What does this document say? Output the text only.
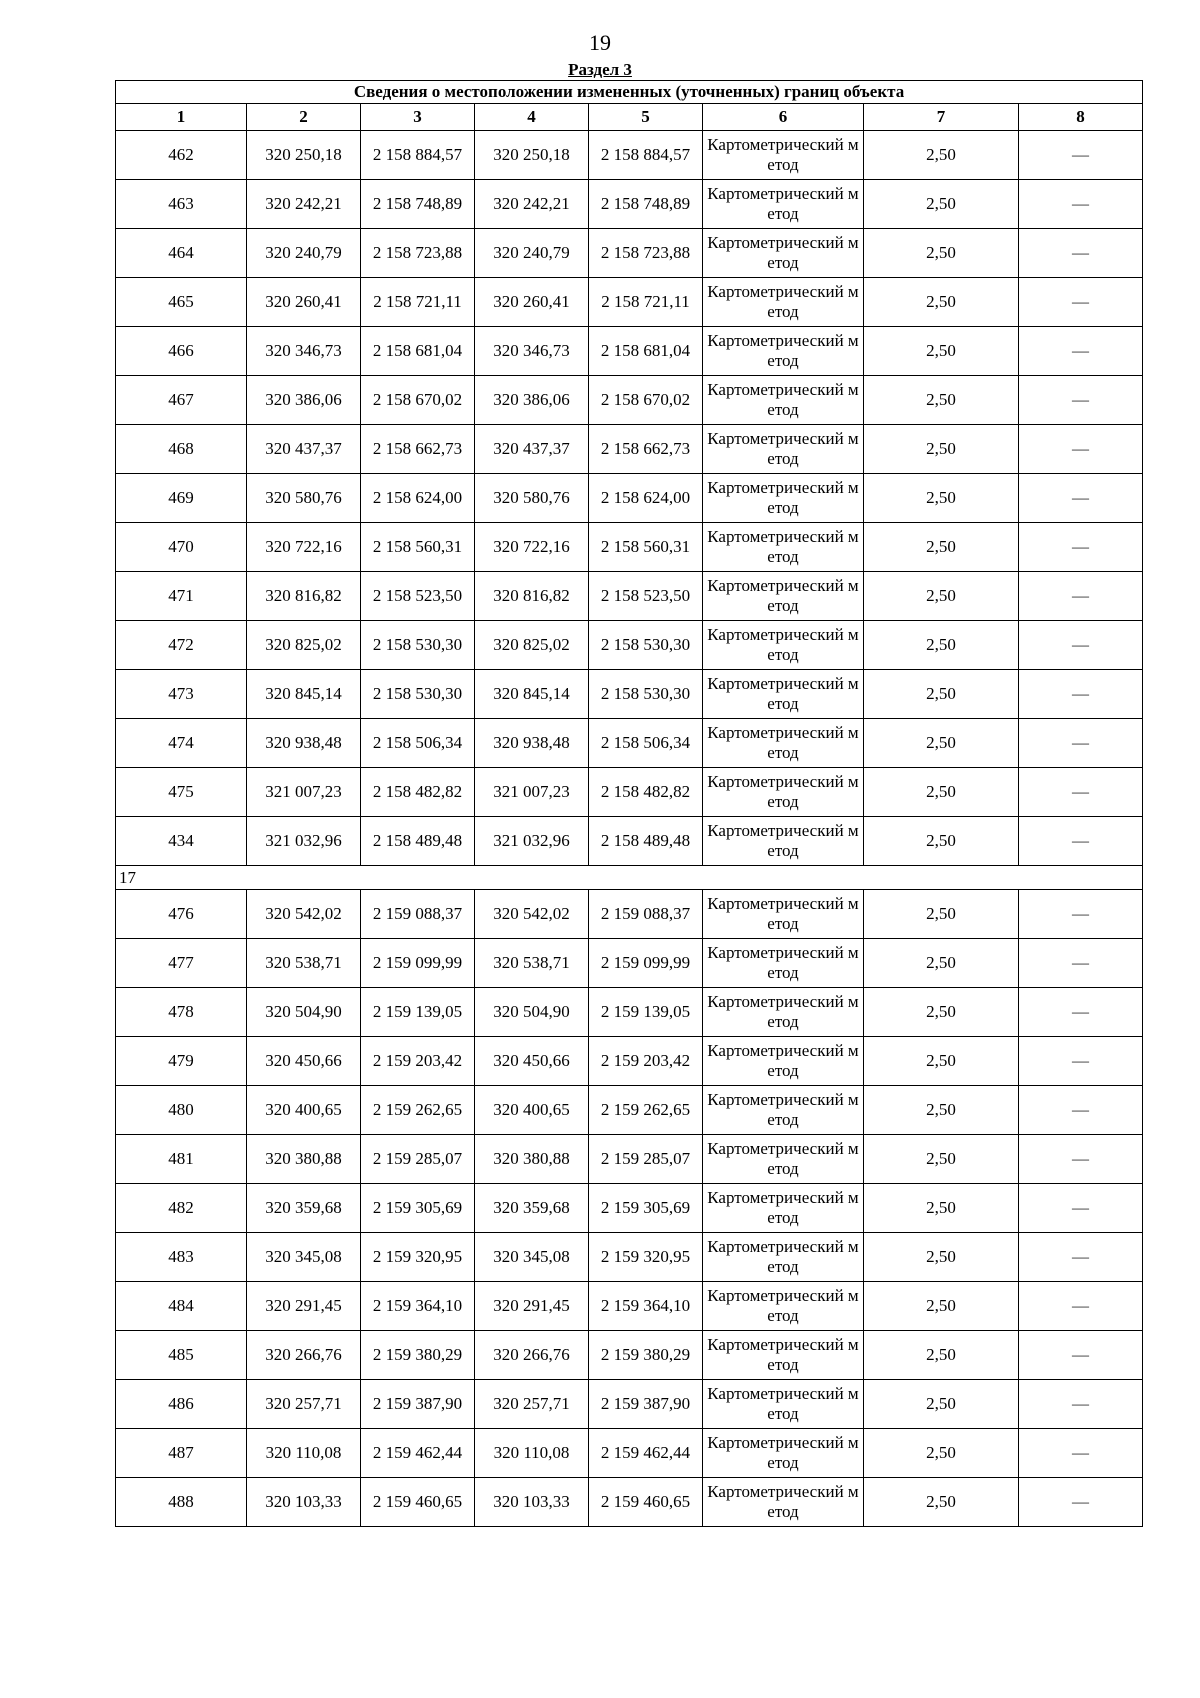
19
Раздел 3
Сведения о местоположении измененных (уточненных) границ объекта							
1	2	3	4	5	6	7	8
462	320 250,18	2 158 884,57	320 250,18	2 158 884,57	Картометрический метод	2,50	—
463	320 242,21	2 158 748,89	320 242,21	2 158 748,89	Картометрический метод	2,50	—
464	320 240,79	2 158 723,88	320 240,79	2 158 723,88	Картометрический метод	2,50	—
465	320 260,41	2 158 721,11	320 260,41	2 158 721,11	Картометрический метод	2,50	—
466	320 346,73	2 158 681,04	320 346,73	2 158 681,04	Картометрический метод	2,50	—
467	320 386,06	2 158 670,02	320 386,06	2 158 670,02	Картометрический метод	2,50	—
468	320 437,37	2 158 662,73	320 437,37	2 158 662,73	Картометрический метод	2,50	—
469	320 580,76	2 158 624,00	320 580,76	2 158 624,00	Картометрический метод	2,50	—
470	320 722,16	2 158 560,31	320 722,16	2 158 560,31	Картометрический метод	2,50	—
471	320 816,82	2 158 523,50	320 816,82	2 158 523,50	Картометрический метод	2,50	—
472	320 825,02	2 158 530,30	320 825,02	2 158 530,30	Картометрический метод	2,50	—
473	320 845,14	2 158 530,30	320 845,14	2 158 530,30	Картометрический метод	2,50	—
474	320 938,48	2 158 506,34	320 938,48	2 158 506,34	Картометрический метод	2,50	—
475	321 007,23	2 158 482,82	321 007,23	2 158 482,82	Картометрический метод	2,50	—
434	321 032,96	2 158 489,48	321 032,96	2 158 489,48	Картометрический метод	2,50	—
17							
476	320 542,02	2 159 088,37	320 542,02	2 159 088,37	Картометрический метод	2,50	—
477	320 538,71	2 159 099,99	320 538,71	2 159 099,99	Картометрический метод	2,50	—
478	320 504,90	2 159 139,05	320 504,90	2 159 139,05	Картометрический метод	2,50	—
479	320 450,66	2 159 203,42	320 450,66	2 159 203,42	Картометрический метод	2,50	—
480	320 400,65	2 159 262,65	320 400,65	2 159 262,65	Картометрический метод	2,50	—
481	320 380,88	2 159 285,07	320 380,88	2 159 285,07	Картометрический метод	2,50	—
482	320 359,68	2 159 305,69	320 359,68	2 159 305,69	Картометрический метод	2,50	—
483	320 345,08	2 159 320,95	320 345,08	2 159 320,95	Картометрический метод	2,50	—
484	320 291,45	2 159 364,10	320 291,45	2 159 364,10	Картометрический метод	2,50	—
485	320 266,76	2 159 380,29	320 266,76	2 159 380,29	Картометрический метод	2,50	—
486	320 257,71	2 159 387,90	320 257,71	2 159 387,90	Картометрический метод	2,50	—
487	320 110,08	2 159 462,44	320 110,08	2 159 462,44	Картометрический метод	2,50	—
488	320 103,33	2 159 460,65	320 103,33	2 159 460,65	Картометрический метод	2,50	—
